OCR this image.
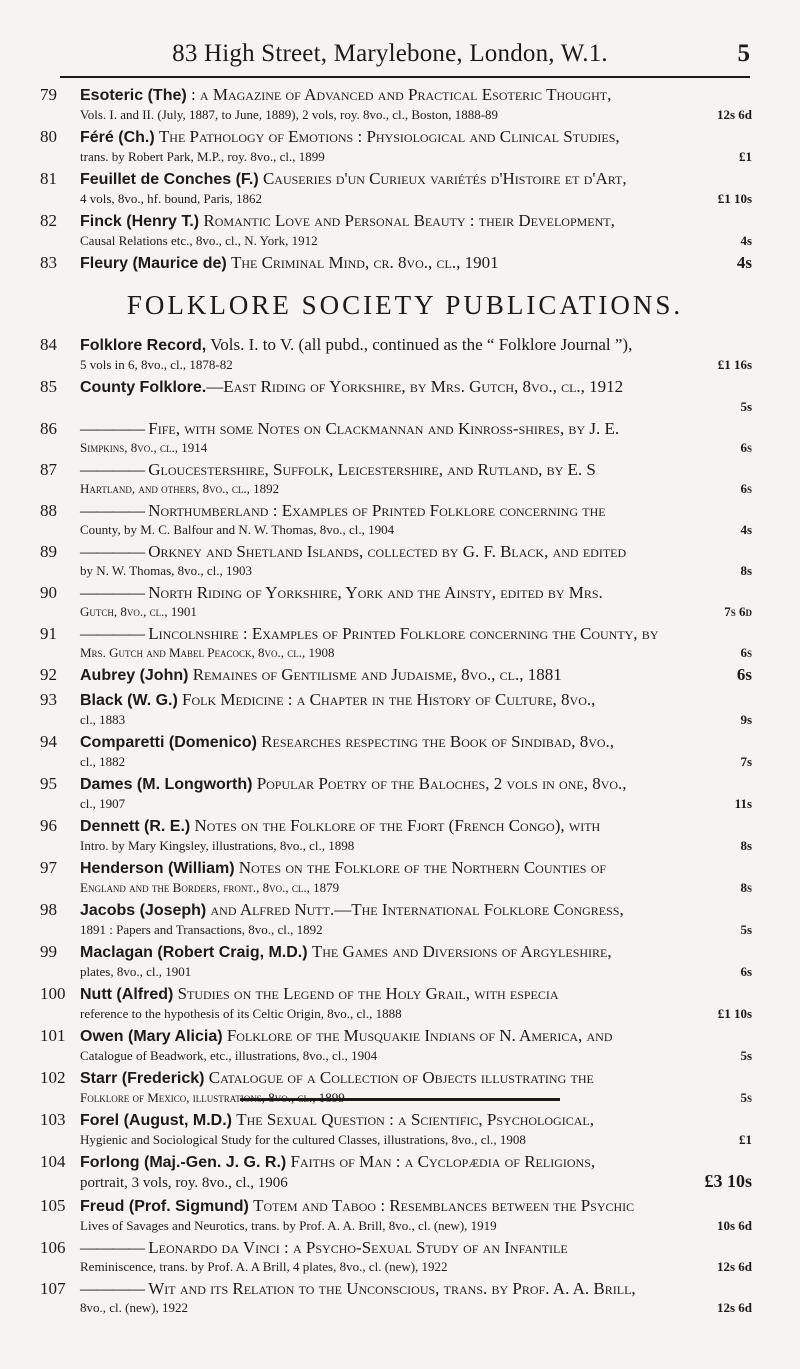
83 High Street, Marylebone, London, W.1.	5
79	Esoteric (The) : a Magazine of Advanced and Practical Esoteric Thought,
Vols. I. and II. (July, 1887, to June, 1889), 2 vols, roy. 8vo., cl., Boston, 1888-89	12s 6d
80	Féré (Ch.) The Pathology of Emotions : Physiological and Clinical Studies,
trans. by Robert Park, M.P., roy. 8vo., cl., 1899	£1
81	Feuillet de Conches (F.) Causeries d'un Curieux variétés d'Histoire et d'Art,
4 vols, 8vo., hf. bound, Paris, 1862	£1 10s
82	Finck (Henry T.) Romantic Love and Personal Beauty : their Development,
Causal Relations etc., 8vo., cl., N. York, 1912	4s
83	Fleury (Maurice de) The Criminal Mind, cr. 8vo., cl., 1901	4s
FOLKLORE SOCIETY PUBLICATIONS.
84	Folklore Record, Vols. I. to V. (all pubd., continued as the “ Folklore Journal ”),
5 vols in 6, 8vo., cl., 1878-82	£1 16s
85	County Folklore.—East Riding of Yorkshire, by Mrs. Gutch, 8vo., cl., 1912
5s
86	———— Fife, with some Notes on Clackmannan and Kinross-shires, by J. E.
Simpkins, 8vo., cl., 1914	6s
87	———— Gloucestershire, Suffolk, Leicestershire, and Rutland, by E. S
Hartland, and others, 8vo., cl., 1892	6s
88	———— Northumberland : Examples of Printed Folklore concerning the
County, by M. C. Balfour and N. W. Thomas, 8vo., cl., 1904	4s
89	———— Orkney and Shetland Islands, collected by G. F. Black, and edited
by N. W. Thomas, 8vo., cl., 1903	8s
90	———— North Riding of Yorkshire, York and the Ainsty, edited by Mrs.
Gutch, 8vo., cl., 1901	7s 6d
91	———— Lincolnshire : Examples of Printed Folklore concerning the County, by
Mrs. Gutch and Mabel Peacock, 8vo., cl., 1908	6s
92	Aubrey (John) Remaines of Gentilisme and Judaisme, 8vo., cl., 1881	6s
93	Black (W. G.) Folk Medicine : a Chapter in the History of Culture, 8vo.,
cl., 1883	9s
94	Comparetti (Domenico) Researches respecting the Book of Sindibad, 8vo.,
cl., 1882	7s
95	Dames (M. Longworth) Popular Poetry of the Baloches, 2 vols in one, 8vo.,
cl., 1907	11s
96	Dennett (R. E.) Notes on the Folklore of the Fjort (French Congo), with
Intro. by Mary Kingsley, illustrations, 8vo., cl., 1898	8s
97	Henderson (William) Notes on the Folklore of the Northern Counties of
England and the Borders, front., 8vo., cl., 1879	8s
98	Jacobs (Joseph) and Alfred Nutt.—The International Folklore Congress,
1891 : Papers and Transactions, 8vo., cl., 1892	5s
99	Maclagan (Robert Craig, M.D.) The Games and Diversions of Argyleshire,
plates, 8vo., cl., 1901	6s
100 Nutt (Alfred) Studies on the Legend of the Holy Grail, with especia
reference to the hypothesis of its Celtic Origin, 8vo., cl., 1888	£1 10s
101 Owen (Mary Alicia) Folklore of the Musquakie Indians of N. America, and
Catalogue of Beadwork, etc., illustrations, 8vo., cl., 1904	5s
102 Starr (Frederick) Catalogue of a Collection of Objects illustrating the
Folklore of Mexico, illustrations, 8vo., cl., 1899	5s
103 Forel (August, M.D.) The Sexual Question : a Scientific, Psychological,
Hygienic and Sociological Study for the cultured Classes, illustrations, 8vo., cl., 1908	£1
104 Forlong (Maj.-Gen. J. G. R.) Faiths of Man : a Cyclopædia of Religions,
portrait, 3 vols, roy. 8vo., cl., 1906	£3 10s
105 Freud (Prof. Sigmund) Totem and Taboo : Resemblances between the Psychic
Lives of Savages and Neurotics, trans. by Prof. A. A. Brill, 8vo., cl. (new), 1919	10s 6d
106 ———— Leonardo da Vinci : a Psycho-Sexual Study of an Infantile
Reminiscence, trans. by Prof. A. A Brill, 4 plates, 8vo., cl. (new), 1922	12s 6d
107 ———— Wit and its Relation to the Unconscious, trans. by Prof. A. A. Brill,
8vo., cl. (new), 1922	12s 6d
